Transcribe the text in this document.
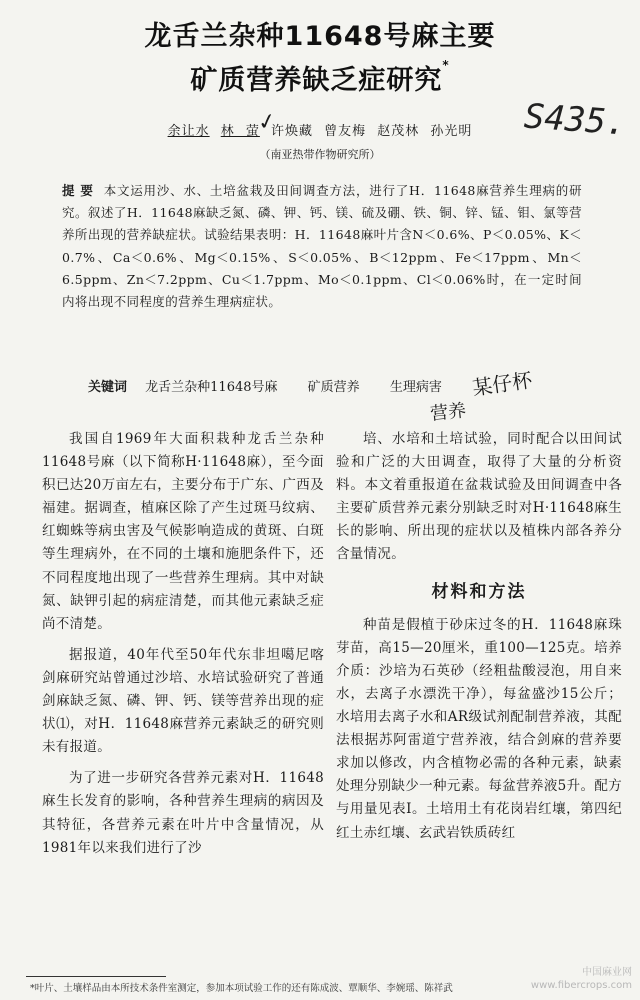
龙舌兰杂种11648号麻主要
矿质营养缺乏症研究*
✓	S435.
余让水 林 萤 许焕藏 曾友梅 赵茂林 孙光明
（南亚热带作物研究所）
提 要 本文运用沙、水、土培盆栽及田间调查方法，进行了H．11648麻营养生理病的研究。叙述了H．11648麻缺乏氮、磷、钾、钙、镁、硫及硼、铁、铜、锌、锰、钼、氯等营养所出现的营养缺症状。试验结果表明：H．11648麻叶片含N＜0.6%、P＜0.05%、K＜0.7%、Ca＜0.6%、Mg＜0.15%、S＜0.05%、B＜12ppm、Fe＜17ppm、Mn＜6.5ppm、Zn＜7.2ppm、Cu＜1.7ppm、Mo＜0.1ppm、Cl＜0.06%时，在一定时间内将出现不同程度的营养生理病症状。
关键词 龙舌兰杂种11648号麻 矿质营养 生理病害	某仔杯
营养

我国自1969年大面积栽种龙舌兰杂种11648号麻（以下简称H·11648麻），至今面积已达20万亩左右，主要分布于广东、广西及福建。据调查，植麻区除了产生过斑马纹病、红蜘蛛等病虫害及气候影响造成的黄斑、白斑等生理病外，在不同的土壤和施肥条件下，还不同程度地出现了一些营养生理病。其中对缺氮、缺钾引起的病症清楚，而其他元素缺乏症尚不清楚。

据报道，40年代至50年代东非坦噶尼喀剑麻研究站曾通过沙培、水培试验研究了普通剑麻缺乏氮、磷、钾、钙、镁等营养出现的症状⑴，对H．11648麻营养元素缺乏的研究则未有报道。

为了进一步研究各营养元素对H．11648麻生长发育的影响，各种营养生理病的病因及其特征，各营养元素在叶片中含量情况，从1981年以来我们进行了沙

培、水培和土培试验，同时配合以田间试验和广泛的大田调查，取得了大量的分析资料。本文着重报道在盆栽试验及田间调查中各主要矿质营养元素分别缺乏时对H·11648麻生长的影响、所出现的症状以及植株内部各养分含量情况。

材料和方法

种苗是假植于砂床过冬的H．11648麻珠芽苗，高15—20厘米，重100—125克。培养介质：沙培为石英砂（经粗盐酸浸泡，用自来水，去离子水漂洗干净），每盆盛沙15公斤；水培用去离子水和AR级试剂配制营养液，其配法根据苏阿雷道宁营养液，结合剑麻的营养要求加以修改，内含植物必需的各种元素，缺素处理分别缺少一种元素。每盆营养液5升。配方与用量见表Ⅰ。土培用土有花岗岩红壤，第四纪红土赤红壤、玄武岩铁质砖红

*叶片、土壤样品由本所技术条件室测定，参加本项试验工作的还有陈成波、覃顺华、李婉瑶、陈祥武
中国麻业网
www.fibercrops.com
